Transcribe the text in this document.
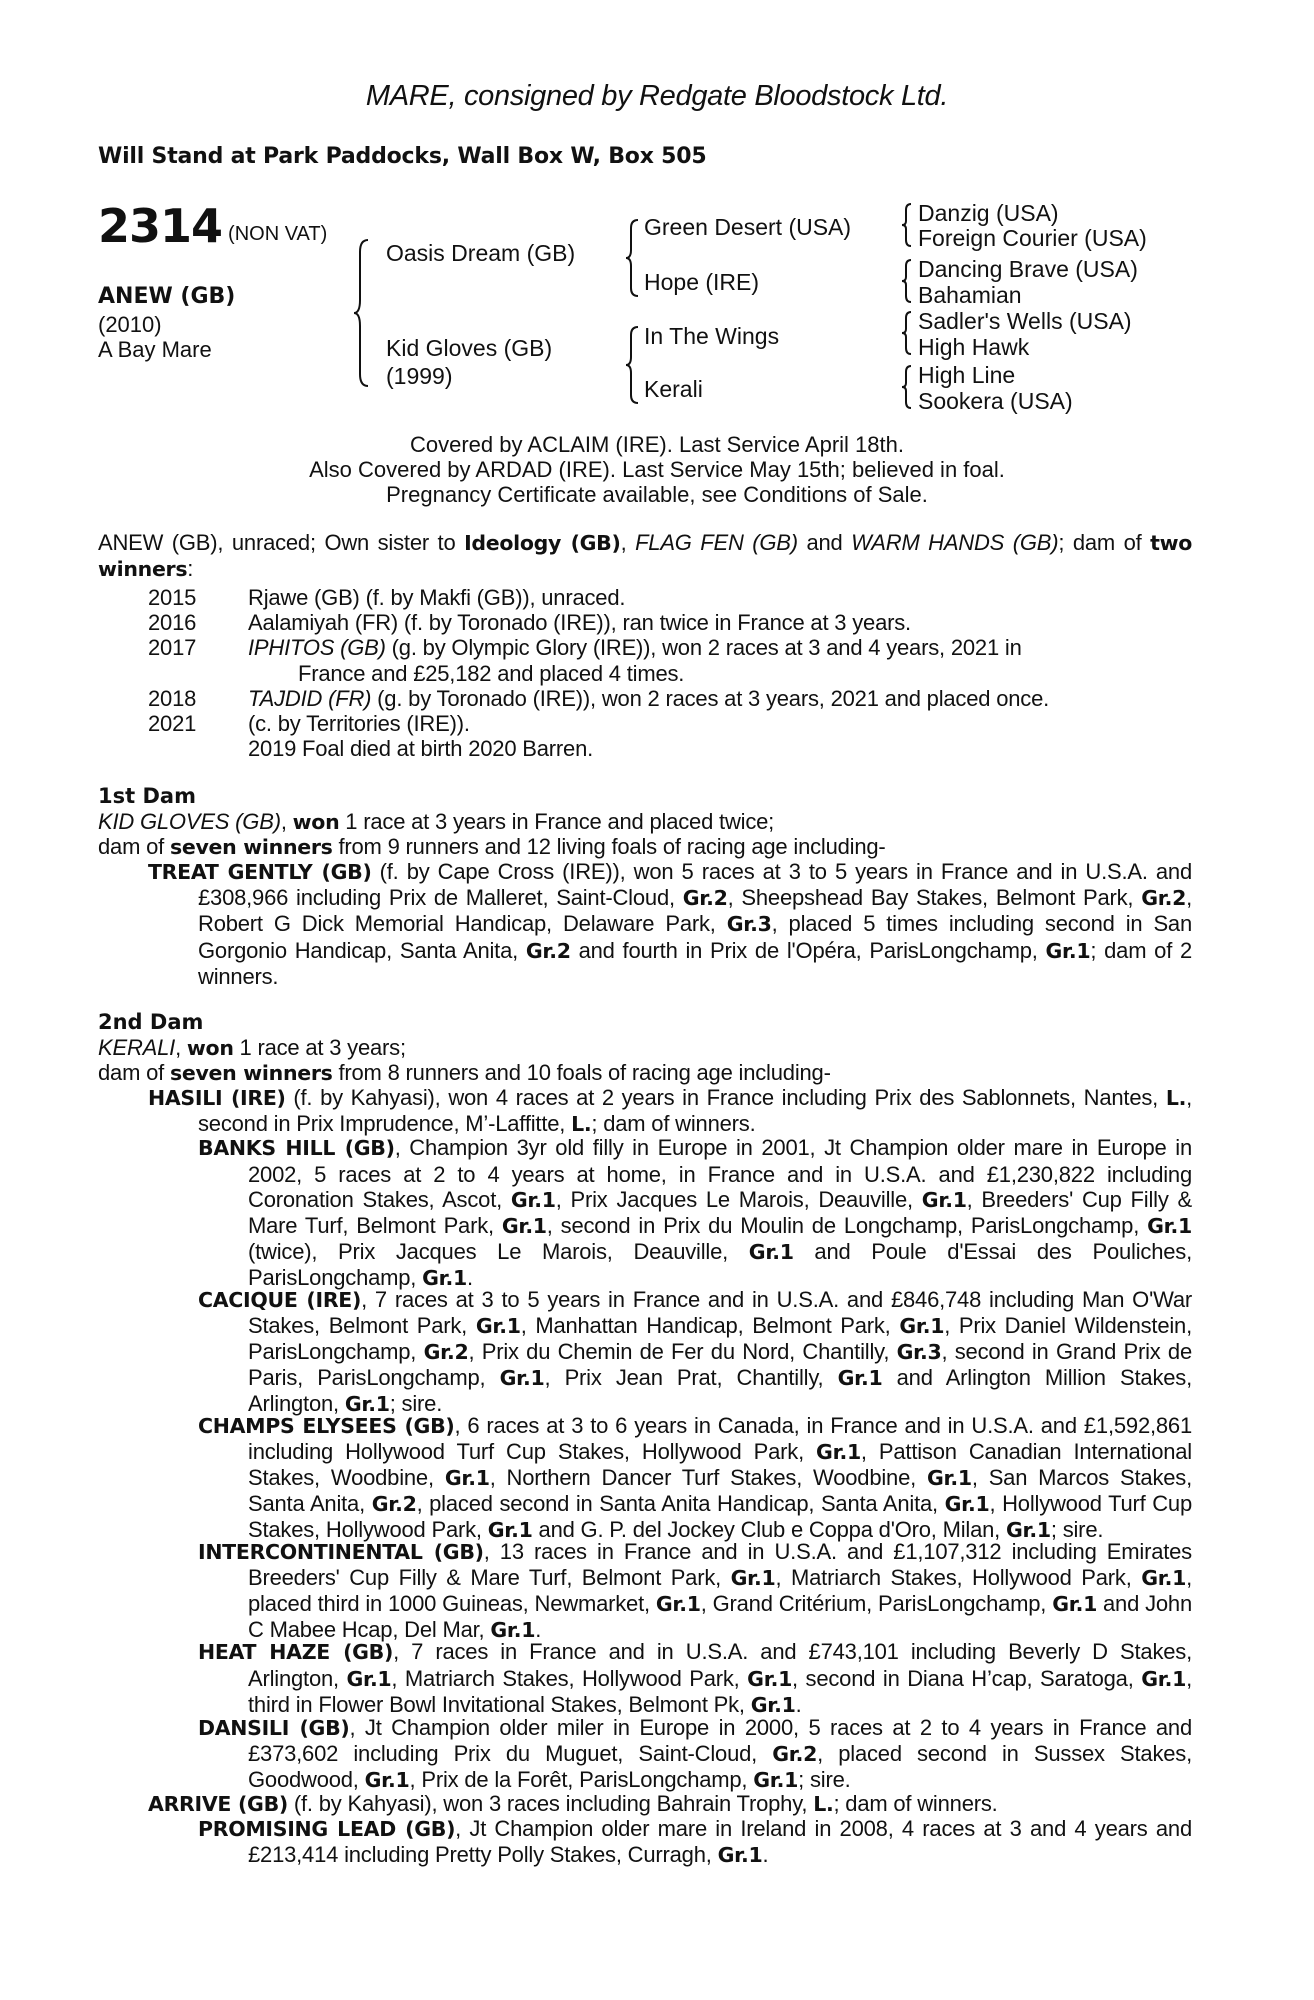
MARE, consigned by Redgate Bloodstock Ltd.
Will Stand at Park Paddocks, Wall Box W, Box 505
2314 (NON VAT)
ANEW (GB)
(2010)
A Bay Mare
Oasis Dream (GB)
Kid Gloves (GB)
(1999)
Green Desert (USA)
Hope (IRE)
In The Wings
Kerali
Danzig (USA)
Foreign Courier (USA)
Dancing Brave (USA)
Bahamian
Sadler's Wells (USA)
High Hawk
High Line
Sookera (USA)
Covered by ACLAIM (IRE). Last Service April 18th.
Also Covered by ARDAD (IRE). Last Service May 15th; believed in foal.
Pregnancy Certificate available, see Conditions of Sale.
ANEW (GB), unraced; Own sister to Ideology (GB), FLAG FEN (GB) and WARM HANDS (GB); dam of two winners:
2015 Rjawe (GB) (f. by Makfi (GB)), unraced.
2016 Aalamiyah (FR) (f. by Toronado (IRE)), ran twice in France at 3 years.
2017 IPHITOS (GB) (g. by Olympic Glory (IRE)), won 2 races at 3 and 4 years, 2021 in
France and £25,182 and placed 4 times.
2018 TAJDID (FR) (g. by Toronado (IRE)), won 2 races at 3 years, 2021 and placed once.
2021 (c. by Territories (IRE)).
2019 Foal died at birth 2020 Barren.
1st Dam
KID GLOVES (GB), won 1 race at 3 years in France and placed twice;
dam of seven winners from 9 runners and 12 living foals of racing age including-
TREAT GENTLY (GB) (f. by Cape Cross (IRE)), won 5 races at 3 to 5 years in France and in U.S.A. and £308,966 including Prix de Malleret, Saint-Cloud, Gr.2, Sheepshead Bay Stakes, Belmont Park, Gr.2, Robert G Dick Memorial Handicap, Delaware Park, Gr.3, placed 5 times including second in San Gorgonio Handicap, Santa Anita, Gr.2 and fourth in Prix de l'Opéra, ParisLongchamp, Gr.1; dam of 2 winners.
2nd Dam
KERALI, won 1 race at 3 years;
dam of seven winners from 8 runners and 10 foals of racing age including-
HASILI (IRE) (f. by Kahyasi), won 4 races at 2 years in France including Prix des Sablonnets, Nantes, L., second in Prix Imprudence, M’-Laffitte, L.; dam of winners.
BANKS HILL (GB), Champion 3yr old filly in Europe in 2001, Jt Champion older mare in Europe in 2002, 5 races at 2 to 4 years at home, in France and in U.S.A. and £1,230,822 including Coronation Stakes, Ascot, Gr.1, Prix Jacques Le Marois, Deauville, Gr.1, Breeders' Cup Filly & Mare Turf, Belmont Park, Gr.1, second in Prix du Moulin de Longchamp, ParisLongchamp, Gr.1 (twice), Prix Jacques Le Marois, Deauville, Gr.1 and Poule d'Essai des Pouliches, ParisLongchamp, Gr.1.
CACIQUE (IRE), 7 races at 3 to 5 years in France and in U.S.A. and £846,748 including Man O'War Stakes, Belmont Park, Gr.1, Manhattan Handicap, Belmont Park, Gr.1, Prix Daniel Wildenstein, ParisLongchamp, Gr.2, Prix du Chemin de Fer du Nord, Chantilly, Gr.3, second in Grand Prix de Paris, ParisLongchamp, Gr.1, Prix Jean Prat, Chantilly, Gr.1 and Arlington Million Stakes, Arlington, Gr.1; sire.
CHAMPS ELYSEES (GB), 6 races at 3 to 6 years in Canada, in France and in U.S.A. and £1,592,861 including Hollywood Turf Cup Stakes, Hollywood Park, Gr.1, Pattison Canadian International Stakes, Woodbine, Gr.1, Northern Dancer Turf Stakes, Woodbine, Gr.1, San Marcos Stakes, Santa Anita, Gr.2, placed second in Santa Anita Handicap, Santa Anita, Gr.1, Hollywood Turf Cup Stakes, Hollywood Park, Gr.1 and G. P. del Jockey Club e Coppa d'Oro, Milan, Gr.1; sire.
INTERCONTINENTAL (GB), 13 races in France and in U.S.A. and £1,107,312 including Emirates Breeders' Cup Filly & Mare Turf, Belmont Park, Gr.1, Matriarch Stakes, Hollywood Park, Gr.1, placed third in 1000 Guineas, Newmarket, Gr.1, Grand Critérium, ParisLongchamp, Gr.1 and John C Mabee Hcap, Del Mar, Gr.1.
HEAT HAZE (GB), 7 races in France and in U.S.A. and £743,101 including Beverly D Stakes, Arlington, Gr.1, Matriarch Stakes, Hollywood Park, Gr.1, second in Diana H’cap, Saratoga, Gr.1, third in Flower Bowl Invitational Stakes, Belmont Pk, Gr.1.
DANSILI (GB), Jt Champion older miler in Europe in 2000, 5 races at 2 to 4 years in France and £373,602 including Prix du Muguet, Saint-Cloud, Gr.2, placed second in Sussex Stakes, Goodwood, Gr.1, Prix de la Forêt, ParisLongchamp, Gr.1; sire.
ARRIVE (GB) (f. by Kahyasi), won 3 races including Bahrain Trophy, L.; dam of winners.
PROMISING LEAD (GB), Jt Champion older mare in Ireland in 2008, 4 races at 3 and 4 years and £213,414 including Pretty Polly Stakes, Curragh, Gr.1.
